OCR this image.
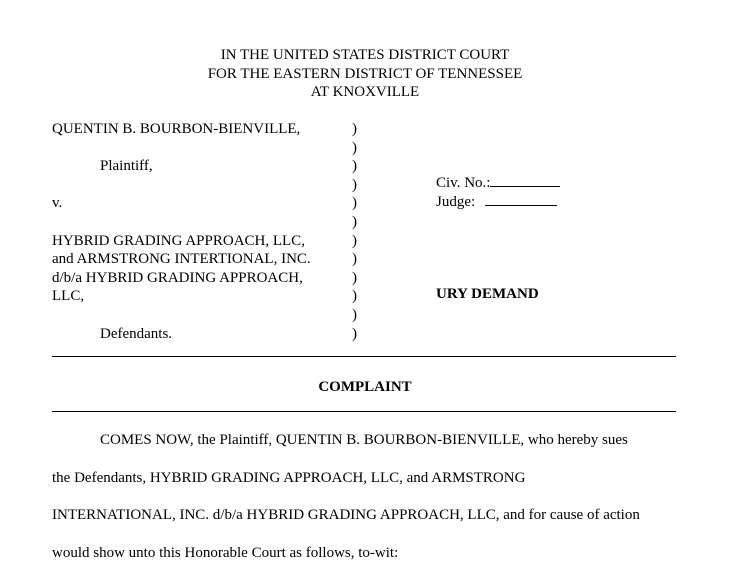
IN THE UNITED STATES DISTRICT COURT
FOR THE EASTERN DISTRICT OF TENNESSEE
AT KNOXVILLE
QUENTIN B. BOURBON-BIENVILLE,
Plaintiff,
v.
HYBRID GRADING APPROACH, LLC,
and ARMSTRONG INTERTIONAL, INC.
d/b/a HYBRID GRADING APPROACH,
LLC,
Defendants.
)
)
)
)
)
)
)
)
)
)
)
)
Civ. No.:
Judge:
URY DEMAND
COMPLAINT
COMES NOW, the Plaintiff, QUENTIN B. BOURBON-BIENVILLE, who hereby sues
the Defendants, HYBRID GRADING APPROACH, LLC, and ARMSTRONG
INTERNATIONAL, INC. d/b/a HYBRID GRADING APPROACH, LLC, and for cause of action
would show unto this Honorable Court as follows, to-wit:
